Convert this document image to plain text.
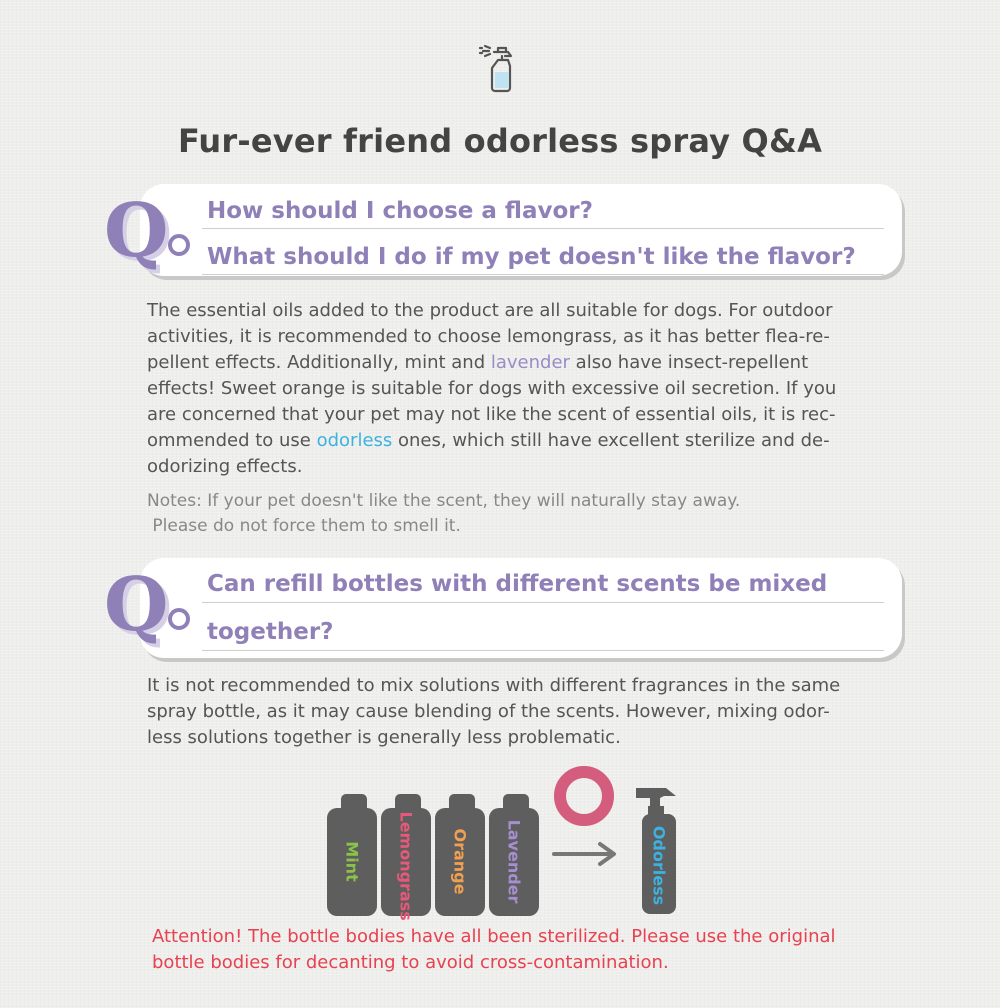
Fur-ever friend odorless spray Q&A
Q How should I choose a flavor?
What should I do if my pet doesn't like the flavor?
The essential oils added to the product are all suitable for dogs. For outdoor
activities, it is recommended to choose lemongrass, as it has better flea-re-
pellent effects. Additionally, mint and lavender also have insect-repellent
effects! Sweet orange is suitable for dogs with excessive oil secretion. If you
are concerned that your pet may not like the scent of essential oils, it is rec-
ommended to use odorless ones, which still have excellent sterilize and de-
odorizing effects.
Notes: If your pet doesn't like the scent, they will naturally stay away.
Please do not force them to smell it.
Q Can refill bottles with different scents be mixed
together?
It is not recommended to mix solutions with different fragrances in the same
spray bottle, as it may cause blending of the scents. However, mixing odor-
less solutions together is generally less problematic.
Mint Lemongrass Orange Lavender	Odorless
Attention! The bottle bodies have all been sterilized. Please use the original
bottle bodies for decanting to avoid cross-contamination.
